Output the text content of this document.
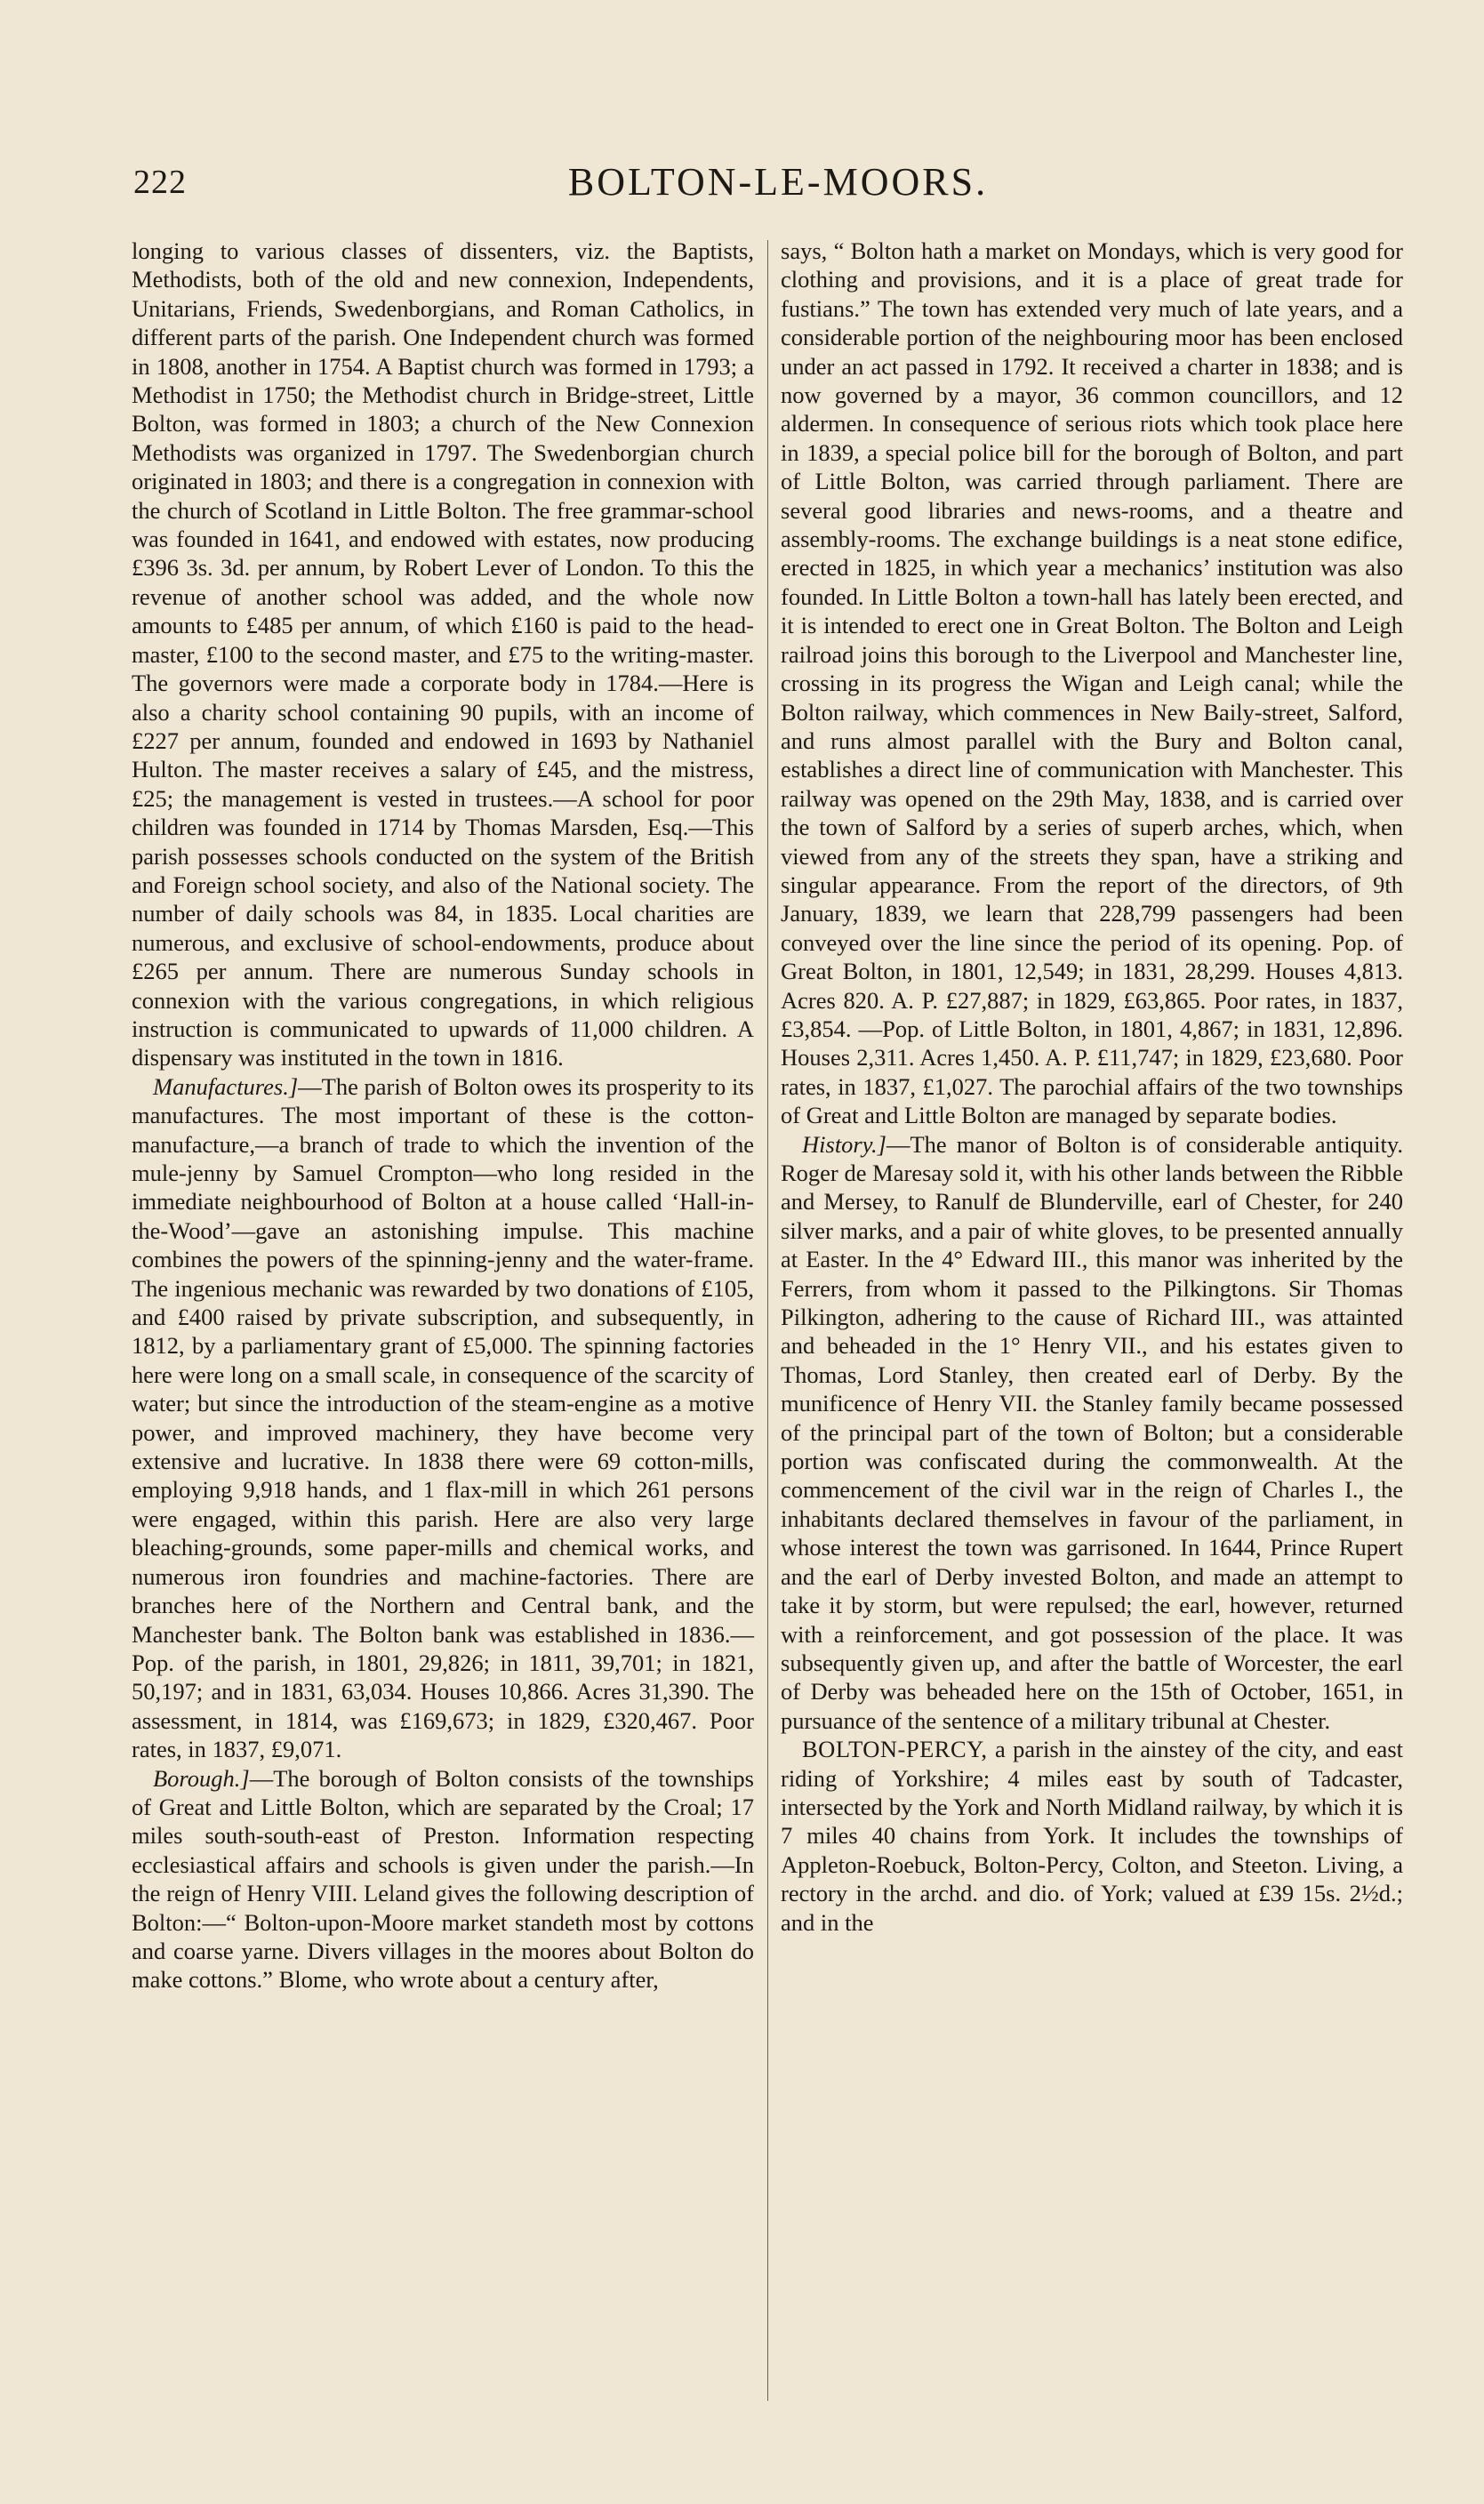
222	BOLTON-LE-MOORS.

longing to various classes of dissenters, viz. the Baptists, Methodists, both of the old and new connexion, Independents, Unitarians, Friends, Swedenborgians, and Roman Catholics, in different parts of the parish. One Independent church was formed in 1808, another in 1754. A Baptist church was formed in 1793; a Methodist in 1750; the Methodist church in Bridge-street, Little Bolton, was formed in 1803; a church of the New Connexion Methodists was organized in 1797. The Swedenborgian church originated in 1803; and there is a congregation in connexion with the church of Scotland in Little Bolton. The free grammar-school was founded in 1641, and endowed with estates, now producing £396 3s. 3d. per annum, by Robert Lever of London. To this the revenue of another school was added, and the whole now amounts to £485 per annum, of which £160 is paid to the head-master, £100 to the second master, and £75 to the writing-master. The governors were made a corporate body in 1784.—Here is also a charity school containing 90 pupils, with an income of £227 per annum, founded and endowed in 1693 by Nathaniel Hulton. The master receives a salary of £45, and the mistress, £25; the management is vested in trustees.—A school for poor children was founded in 1714 by Thomas Marsden, Esq.—This parish possesses schools conducted on the system of the British and Foreign school society, and also of the National society. The number of daily schools was 84, in 1835. Local charities are numerous, and exclusive of school-endowments, produce about £265 per annum. There are numerous Sunday schools in connexion with the various congregations, in which religious instruction is communicated to upwards of 11,000 children. A dispensary was instituted in the town in 1816.

Manufactures.]—The parish of Bolton owes its prosperity to its manufactures. The most important of these is the cotton-manufacture,—a branch of trade to which the invention of the mule-jenny by Samuel Crompton—who long resided in the immediate neighbourhood of Bolton at a house called ‘Hall-in-the-Wood’—gave an astonishing impulse. This machine combines the powers of the spinning-jenny and the water-frame. The ingenious mechanic was rewarded by two donations of £105, and £400 raised by private subscription, and subsequently, in 1812, by a parliamentary grant of £5,000. The spinning factories here were long on a small scale, in consequence of the scarcity of water; but since the introduction of the steam-engine as a motive power, and improved machinery, they have become very extensive and lucrative. In 1838 there were 69 cotton-mills, employing 9,918 hands, and 1 flax-mill in which 261 persons were engaged, within this parish. Here are also very large bleaching-grounds, some paper-mills and chemical works, and numerous iron foundries and machine-factories. There are branches here of the Northern and Central bank, and the Manchester bank. The Bolton bank was established in 1836.—Pop. of the parish, in 1801, 29,826; in 1811, 39,701; in 1821, 50,197; and in 1831, 63,034. Houses 10,866. Acres 31,390. The assessment, in 1814, was £169,673; in 1829, £320,467. Poor rates, in 1837, £9,071.

Borough.]—The borough of Bolton consists of the townships of Great and Little Bolton, which are separated by the Croal; 17 miles south-south-east of Preston. Information respecting ecclesiastical affairs and schools is given under the parish.—In the reign of Henry VIII. Leland gives the following description of Bolton:—“ Bolton-upon-Moore market standeth most by cottons and coarse yarne. Divers villages in the moores about Bolton do make cottons.” Blome, who wrote about a century after,

says, “ Bolton hath a market on Mondays, which is very good for clothing and provisions, and it is a place of great trade for fustians.” The town has extended very much of late years, and a considerable portion of the neighbouring moor has been enclosed under an act passed in 1792. It received a charter in 1838; and is now governed by a mayor, 36 common councillors, and 12 aldermen. In consequence of serious riots which took place here in 1839, a special police bill for the borough of Bolton, and part of Little Bolton, was carried through parliament. There are several good libraries and news-rooms, and a theatre and assembly-rooms. The exchange buildings is a neat stone edifice, erected in 1825, in which year a mechanics’ institution was also founded. In Little Bolton a town-hall has lately been erected, and it is intended to erect one in Great Bolton. The Bolton and Leigh railroad joins this borough to the Liverpool and Manchester line, crossing in its progress the Wigan and Leigh canal; while the Bolton railway, which commences in New Baily-street, Salford, and runs almost parallel with the Bury and Bolton canal, establishes a direct line of communication with Manchester. This railway was opened on the 29th May, 1838, and is carried over the town of Salford by a series of superb arches, which, when viewed from any of the streets they span, have a striking and singular appearance. From the report of the directors, of 9th January, 1839, we learn that 228,799 passengers had been conveyed over the line since the period of its opening. Pop. of Great Bolton, in 1801, 12,549; in 1831, 28,299. Houses 4,813. Acres 820. A. P. £27,887; in 1829, £63,865. Poor rates, in 1837, £3,854. —Pop. of Little Bolton, in 1801, 4,867; in 1831, 12,896. Houses 2,311. Acres 1,450. A. P. £11,747; in 1829, £23,680. Poor rates, in 1837, £1,027. The parochial affairs of the two townships of Great and Little Bolton are managed by separate bodies.

History.]—The manor of Bolton is of considerable antiquity. Roger de Maresay sold it, with his other lands between the Ribble and Mersey, to Ranulf de Blunderville, earl of Chester, for 240 silver marks, and a pair of white gloves, to be presented annually at Easter. In the 4° Edward III., this manor was inherited by the Ferrers, from whom it passed to the Pilkingtons. Sir Thomas Pilkington, adhering to the cause of Richard III., was attainted and beheaded in the 1° Henry VII., and his estates given to Thomas, Lord Stanley, then created earl of Derby. By the munificence of Henry VII. the Stanley family became possessed of the principal part of the town of Bolton; but a considerable portion was confiscated during the commonwealth. At the commencement of the civil war in the reign of Charles I., the inhabitants declared themselves in favour of the parliament, in whose interest the town was garrisoned. In 1644, Prince Rupert and the earl of Derby invested Bolton, and made an attempt to take it by storm, but were repulsed; the earl, however, returned with a reinforcement, and got possession of the place. It was subsequently given up, and after the battle of Worcester, the earl of Derby was beheaded here on the 15th of October, 1651, in pursuance of the sentence of a military tribunal at Chester.

BOLTON-PERCY, a parish in the ainstey of the city, and east riding of Yorkshire; 4 miles east by south of Tadcaster, intersected by the York and North Midland railway, by which it is 7 miles 40 chains from York. It includes the townships of Appleton-Roebuck, Bolton-Percy, Colton, and Steeton. Living, a rectory in the archd. and dio. of York; valued at £39 15s. 2½d.; and in the
